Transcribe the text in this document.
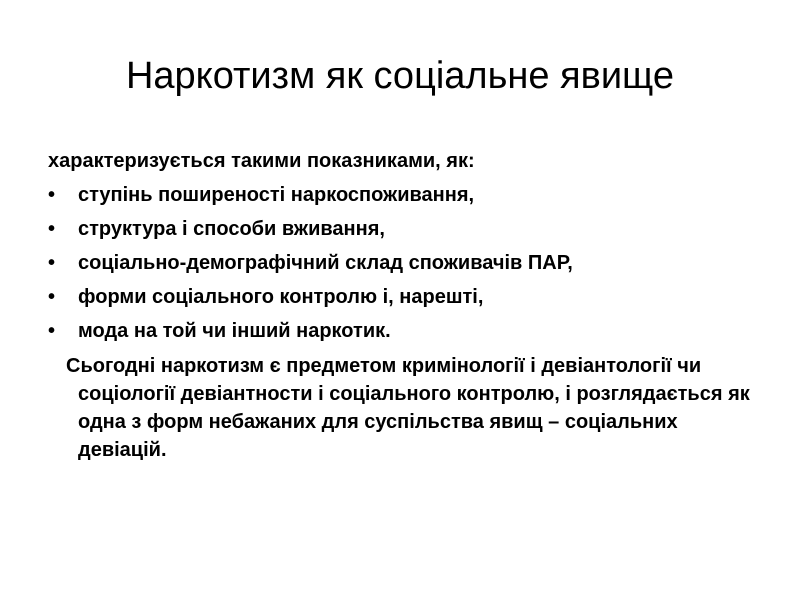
Наркотизм як соціальне явище

характеризується такими показниками, як:

•	ступінь поширеності наркоспоживання,
•	структура і способи вживання,
•	соціально-демографічний склад споживачів ПАР,
•	форми соціального контролю і, нарешті,
•	мода на той чи інший наркотик.

Сьогодні наркотизм є предметом кримінології і девіантології чи соціології девіантности і соціального контролю, і розглядається як одна з форм небажаних для суспільства явищ – соціальних девіацій.
